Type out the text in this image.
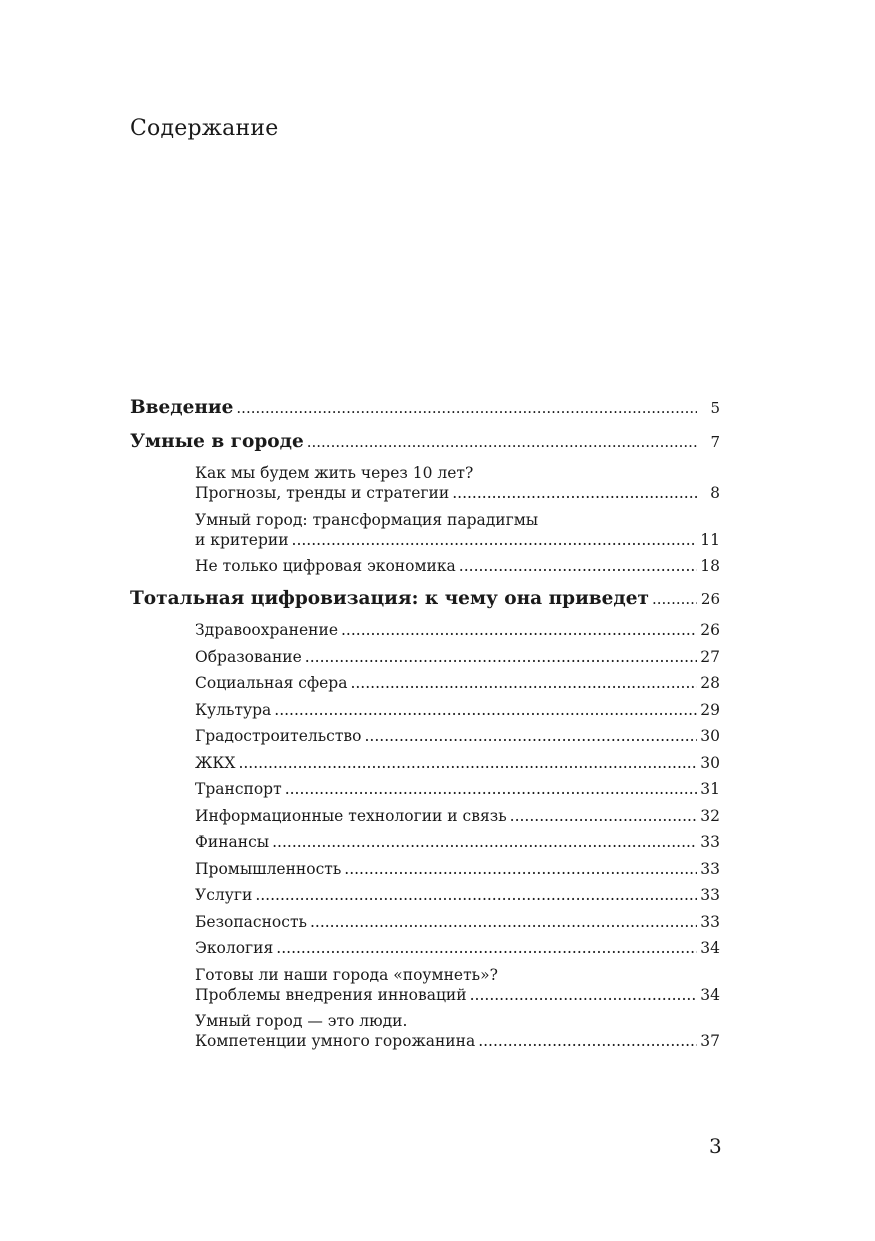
Содержание
Введение .....	5
Умные в городе .....	7
Как мы будем жить через 10 лет?
Прогнозы, тренды и стратегии .....	8
Умный город: трансформация парадигмы
и критерии .....	11
Не только цифровая экономика .....	18
Тотальная цифровизация: к чему она приведет .....	26
Здравоохранение .....	26
Образование .....	27
Социальная сфера .....	28
Культура .....	29
Градостроительство .....	30
ЖКХ .....	30
Транспорт .....	31
Информационные технологии и связь .....	32
Финансы .....	33
Промышленность .....	33
Услуги .....	33
Безопасность .....	33
Экология .....	34
Готовы ли наши города «поумнеть»?
Проблемы внедрения инноваций .....	34
Умный город — это люди.
Компетенции умного горожанина .....	37
3
